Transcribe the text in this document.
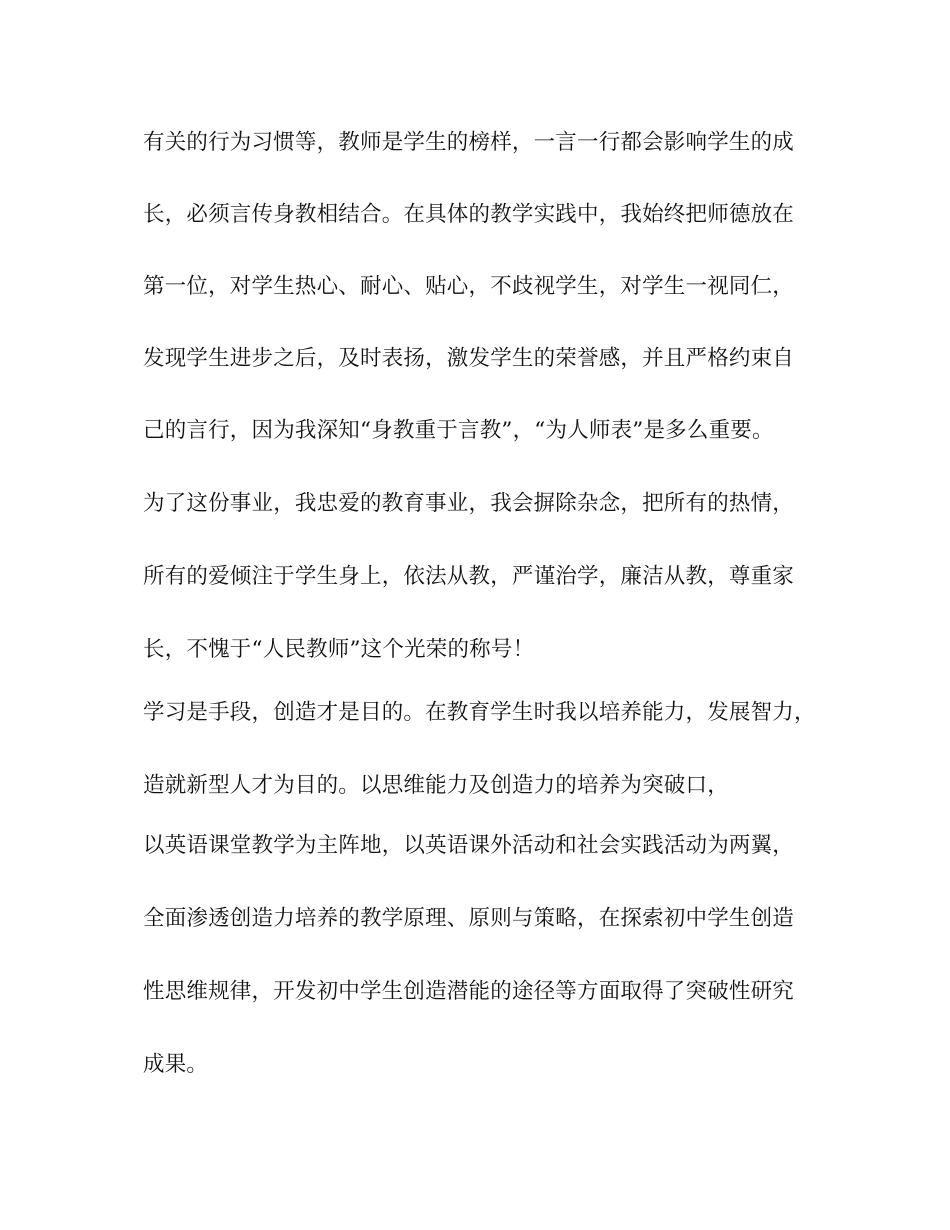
有关的行为习惯等，教师是学生的榜样，一言一行都会影响学生的成
长，必须言传身教相结合。在具体的教学实践中，我始终把师德放在
第一位，对学生热心、耐心、贴心，不歧视学生，对学生一视同仁，
发现学生进步之后，及时表扬，激发学生的荣誉感，并且严格约束自
己的言行，因为我深知“身教重于言教”，“为人师表”是多么重要。
为了这份事业，我忠爱的教育事业，我会摒除杂念，把所有的热情，
所有的爱倾注于学生身上，依法从教，严谨治学，廉洁从教，尊重家
长，不愧于“人民教师”这个光荣的称号！
学习是手段，创造才是目的。在教育学生时我以培养能力，发展智力，
造就新型人才为目的。以思维能力及创造力的培养为突破口，
以英语课堂教学为主阵地，以英语课外活动和社会实践活动为两翼，
全面渗透创造力培养的教学原理、原则与策略，在探索初中学生创造
性思维规律，开发初中学生创造潜能的途径等方面取得了突破性研究
成果。
